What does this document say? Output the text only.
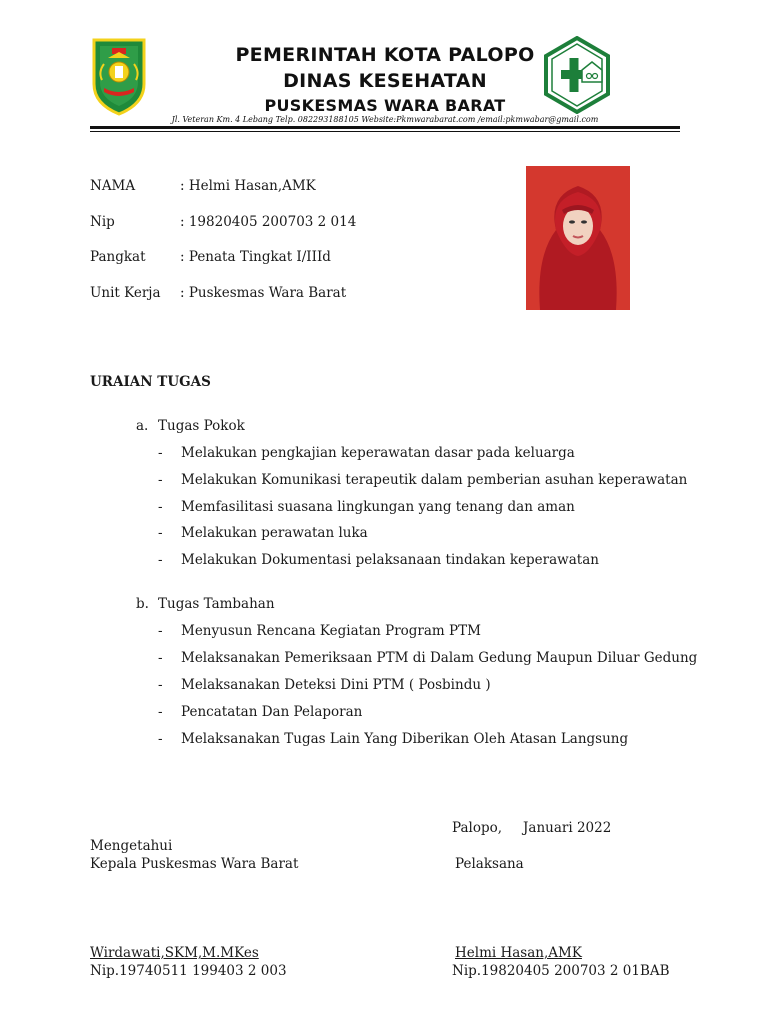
PEMERINTAH KOTA PALOPO
DINAS KESEHATAN
PUSKESMAS WARA BARAT
Jl. Veteran Km. 4 Lebang Telp. 082293188105 Website:Pkmwarabarat.com /email:pkmwabar@gmail.com
NAMA	: Helmi Hasan,AMK
Nip	: 19820405 200703 2 014
Pangkat	: Penata Tingkat I/IIId
Unit Kerja : Puskesmas Wara Barat
URAIAN TUGAS
a. Tugas Pokok
- Melakukan pengkajian keperawatan dasar pada keluarga
- Melakukan Komunikasi terapeutik dalam pemberian asuhan keperawatan
- Memfasilitasi suasana lingkungan yang tenang dan aman
- Melakukan perawatan luka
- Melakukan Dokumentasi pelaksanaan tindakan keperawatan
b. Tugas Tambahan
- Menyusun Rencana Kegiatan Program PTM
- Melaksanakan Pemeriksaan PTM di Dalam Gedung Maupun Diluar Gedung
- Melaksanakan Deteksi Dini PTM ( Posbindu )
- Pencatatan Dan Pelaporan
- Melaksanakan Tugas Lain Yang Diberikan Oleh Atasan Langsung
Palopo, Januari 2022
Mengetahui
Kepala Puskesmas Wara Barat	Pelaksana
Wirdawati,SKM,M.MKes
Nip.19740511 199403 2 003
Helmi Hasan,AMK
Nip.19820405 200703 2 01BAB
